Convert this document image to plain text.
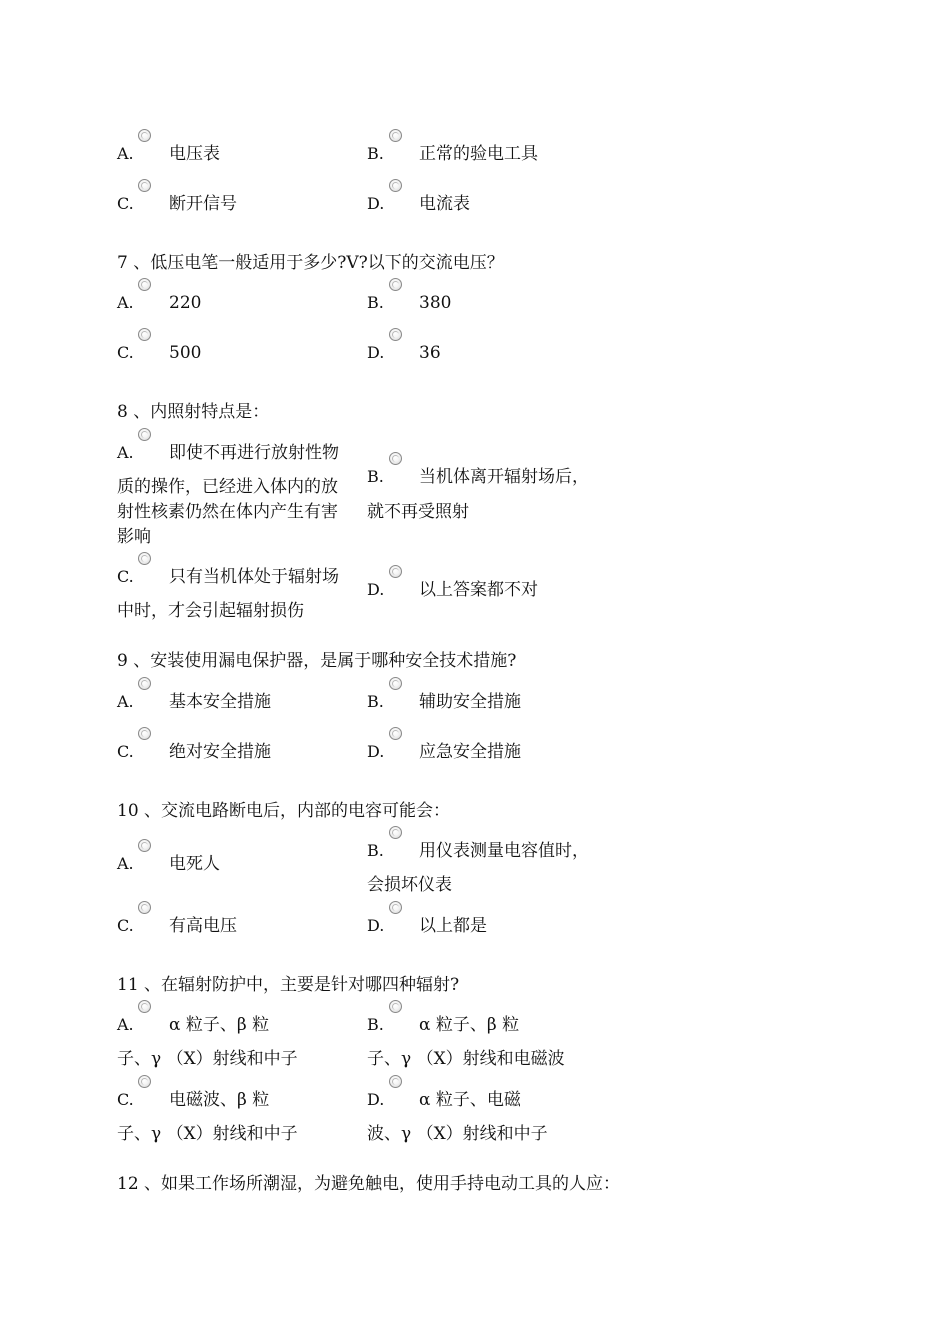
A. 电压表	B. 正常的验电工具
C. 断开信号	D. 电流表
7 、低压电笔一般适用于多少?V?以下的交流电压？
A. 220	B. 380
C. 500	D. 36
8 、内照射特点是：
A. 即使不再进行放射性物
质的操作，已经进入体内的放
射性核素仍然在体内产生有害
影响
B. 当机体离开辐射场后，
就不再受照射
C. 只有当机体处于辐射场
中时，才会引起辐射损伤
D. 以上答案都不对
9 、安装使用漏电保护器，是属于哪种安全技术措施?
A. 基本安全措施	B. 辅助安全措施
C. 绝对安全措施	D. 应急安全措施
10 、交流电路断电后，内部的电容可能会：
A. 电死人
B. 用仪表测量电容值时，
会损坏仪表
C. 有高电压	D. 以上都是
11 、在辐射防护中，主要是针对哪四种辐射?
A. α 粒子、β 粒
子、γ （X）射线和中子
B. α 粒子、β 粒
子、γ （X）射线和电磁波
C. 电磁波、β 粒
子、γ （X）射线和中子
D. α 粒子、电磁
波、γ （X）射线和中子
12 、如果工作场所潮湿，为避免触电，使用手持电动工具的人应：
